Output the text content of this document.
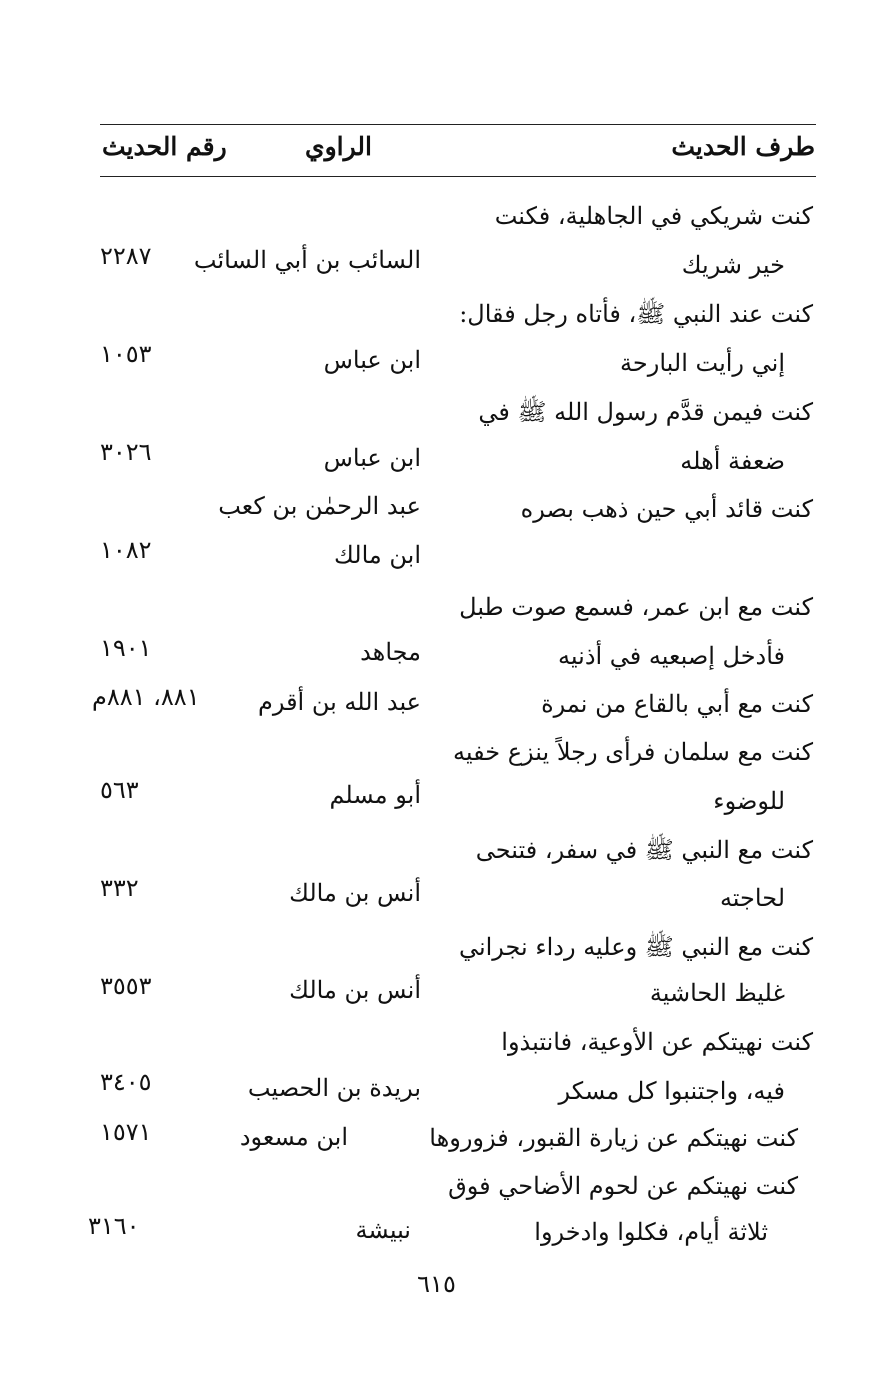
طرف الحديث
الراوي
رقم الحديث
كنت شريكي في الجاهلية، فكنت
خير شريك
السائب بن أبي السائب
٢٢٨٧
كنت عند النبي ﷺ، فأتاه رجل فقال:
إني رأيت البارحة
ابن عباس
١٠٥٣
كنت فيمن قدَّم رسول الله ﷺ في
ضعفة أهله
ابن عباس
٣٠٢٦
كنت قائد أبي حين ذهب بصره
عبد الرحمٰن بن كعب
ابن مالك
١٠٨٢
كنت مع ابن عمر، فسمع صوت طبل
فأدخل إصبعيه في أذنيه
مجاهد
١٩٠١
كنت مع أبي بالقاع من نمرة
عبد الله بن أقرم
٨٨١، ٨٨١م
كنت مع سلمان فرأى رجلاً ينزع خفيه
للوضوء
أبو مسلم
٥٦٣
كنت مع النبي ﷺ في سفر، فتنحى
لحاجته
أنس بن مالك
٣٣٢
كنت مع النبي ﷺ وعليه رداء نجراني
غليظ الحاشية
أنس بن مالك
٣٥٥٣
كنت نهيتكم عن الأوعية، فانتبذوا
فيه، واجتنبوا كل مسكر
بريدة بن الحصيب
٣٤٠٥
كنت نهيتكم عن زيارة القبور، فزوروها
ابن مسعود
١٥٧١
كنت نهيتكم عن لحوم الأضاحي فوق
ثلاثة أيام، فكلوا وادخروا
نبيشة
٣١٦٠
٦١٥
